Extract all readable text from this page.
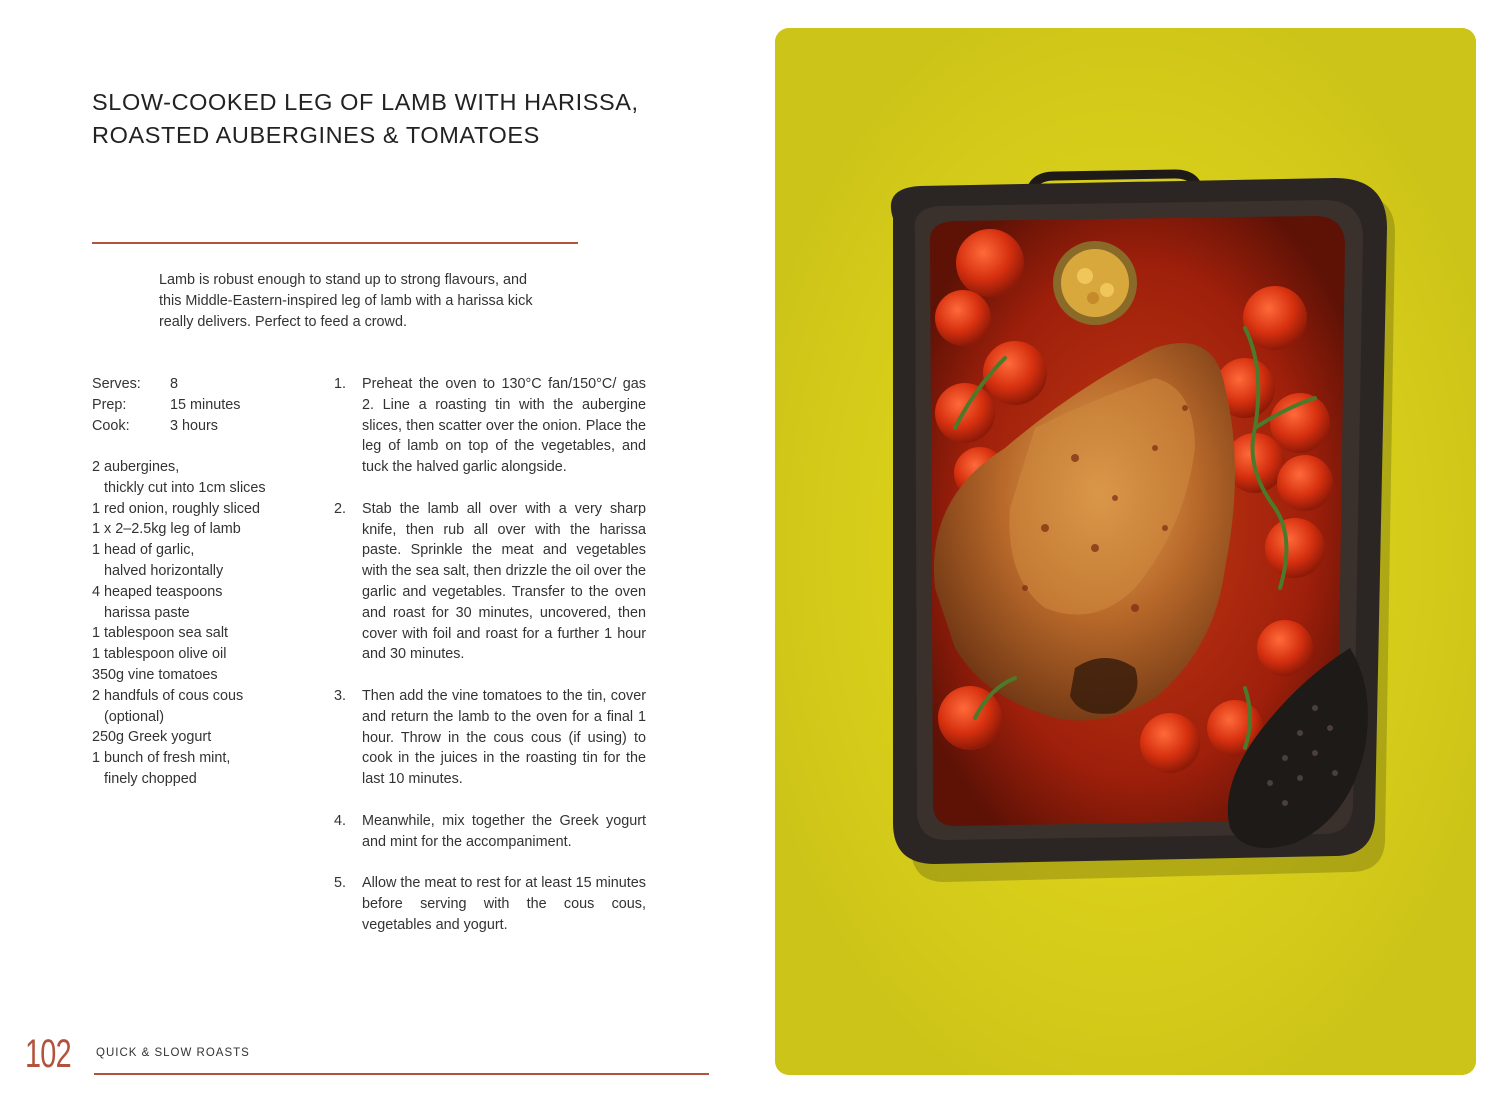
SLOW-COOKED LEG OF LAMB WITH HARISSA,
ROASTED AUBERGINES & TOMATOES

Lamb is robust enough to stand up to strong flavours, and
this Middle-Eastern-inspired leg of lamb with a harissa kick
really delivers. Perfect to feed a crowd.

Serves:	8
Prep:	15 minutes
Cook:	3 hours
2 aubergines,
thickly cut into 1cm slices
1 red onion, roughly sliced
1 x 2–2.5kg leg of lamb
1 head of garlic,
halved horizontally
4 heaped teaspoons
harissa paste
1 tablespoon sea salt
1 tablespoon olive oil
350g vine tomatoes
2 handfuls of cous cous
(optional)
250g Greek yogurt
1 bunch of fresh mint,
finely chopped
1.	Preheat the oven to 130°C fan/150°C/ gas 2. Line a roasting tin with the aubergine slices, then scatter over the onion. Place the leg of lamb on top of the vegetables, and tuck the halved garlic alongside.
2.	Stab the lamb all over with a very sharp knife, then rub all over with the harissa paste. Sprinkle the meat and vegetables with the sea salt, then drizzle the oil over the garlic and vegetables. Transfer to the oven and roast for 30 minutes, uncovered, then cover with foil and roast for a further 1 hour and 30 minutes.
3.	Then add the vine tomatoes to the tin, cover and return the lamb to the oven for a final 1 hour. Throw in the cous cous (if using) to cook in the juices in the roasting tin for the last 10 minutes.
4.	Meanwhile, mix together the Greek yogurt and mint for the accompaniment.
5.	Allow the meat to rest for at least 15 minutes before serving with the cous cous, vegetables and yogurt.
102 QUICK & SLOW ROASTS
